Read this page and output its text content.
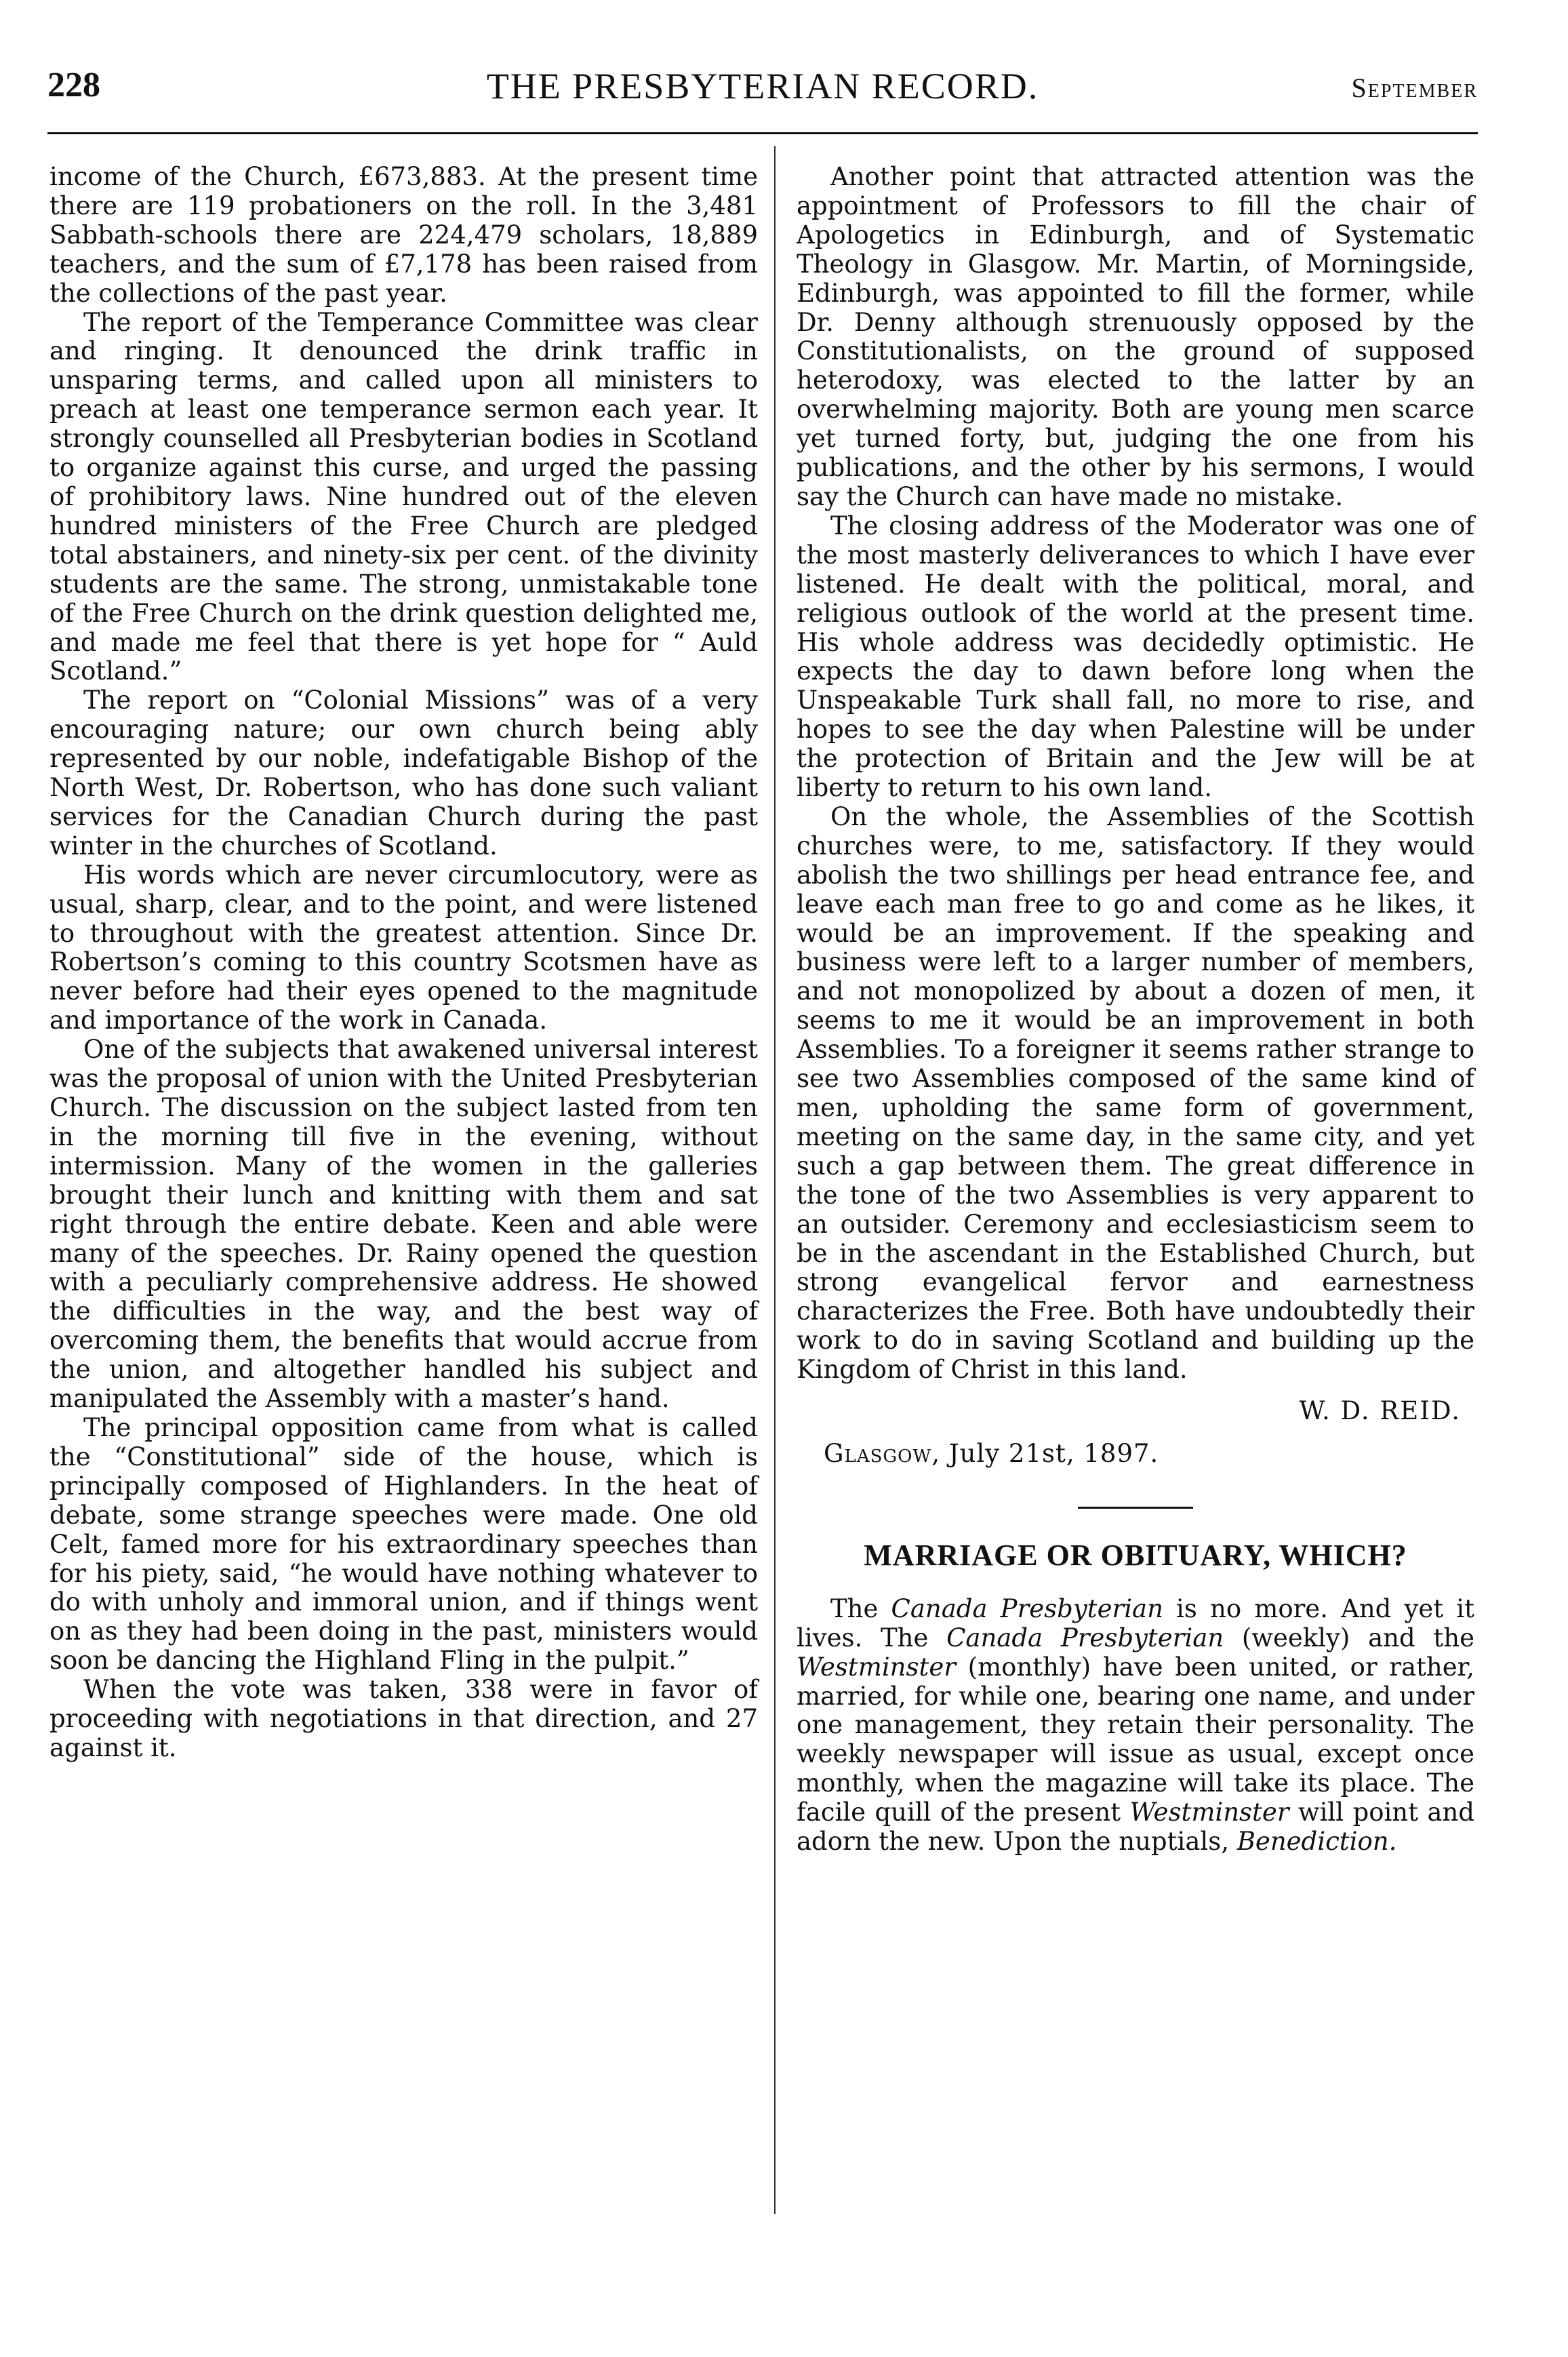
228	THE PRESBYTERIAN RECORD.	September

income of the Church, £673,883. At the present time there are 119 probationers on the roll. In the 3,481 Sabbath-schools there are 224,479 scholars, 18,889 teachers, and the sum of £7,178 has been raised from the collections of the past year.

The report of the Temperance Committee was clear and ringing. It denounced the drink traffic in unsparing terms, and called upon all ministers to preach at least one temperance sermon each year. It strongly counselled all Presbyterian bodies in Scotland to organize against this curse, and urged the passing of prohibitory laws. Nine hundred out of the eleven hundred ministers of the Free Church are pledged total abstainers, and ninety-six per cent. of the divinity students are the same. The strong, unmistakable tone of the Free Church on the drink question delighted me, and made me feel that there is yet hope for “ Auld Scotland.”

The report on “Colonial Missions” was of a very encouraging nature; our own church being ably represented by our noble, indefatigable Bishop of the North West, Dr. Robertson, who has done such valiant services for the Canadian Church during the past winter in the churches of Scotland.

His words which are never circumlocutory, were as usual, sharp, clear, and to the point, and were listened to throughout with the greatest attention. Since Dr. Robertson’s coming to this country Scotsmen have as never before had their eyes opened to the magnitude and importance of the work in Canada.

One of the subjects that awakened universal interest was the proposal of union with the United Presbyterian Church. The discussion on the subject lasted from ten in the morning till five in the evening, without intermission. Many of the women in the galleries brought their lunch and knitting with them and sat right through the entire debate. Keen and able were many of the speeches. Dr. Rainy opened the question with a peculiarly comprehensive address. He showed the difficulties in the way, and the best way of overcoming them, the benefits that would accrue from the union, and altogether handled his subject and manipulated the Assembly with a master’s hand.

The principal opposition came from what is called the “Constitutional” side of the house, which is principally composed of Highlanders. In the heat of debate, some strange speeches were made. One old Celt, famed more for his extraordinary speeches than for his piety, said, “he would have nothing whatever to do with unholy and immoral union, and if things went on as they had been doing in the past, ministers would soon be dancing the Highland Fling in the pulpit.”

When the vote was taken, 338 were in favor of proceeding with negotiations in that direction, and 27 against it.

Another point that attracted attention was the appointment of Professors to fill the chair of Apologetics in Edinburgh, and of Systematic Theology in Glasgow. Mr. Martin, of Morningside, Edinburgh, was appointed to fill the former, while Dr. Denny although strenuously opposed by the Constitutionalists, on the ground of supposed heterodoxy, was elected to the latter by an overwhelming majority. Both are young men scarce yet turned forty, but, judging the one from his publications, and the other by his sermons, I would say the Church can have made no mistake.

The closing address of the Moderator was one of the most masterly deliverances to which I have ever listened. He dealt with the political, moral, and religious outlook of the world at the present time. His whole address was decidedly optimistic. He expects the day to dawn before long when the Unspeakable Turk shall fall, no more to rise, and hopes to see the day when Palestine will be under the protection of Britain and the Jew will be at liberty to return to his own land.

On the whole, the Assemblies of the Scottish churches were, to me, satisfactory. If they would abolish the two shillings per head entrance fee, and leave each man free to go and come as he likes, it would be an improvement. If the speaking and business were left to a larger number of members, and not monopolized by about a dozen of men, it seems to me it would be an improvement in both Assemblies. To a foreigner it seems rather strange to see two Assemblies composed of the same kind of men, upholding the same form of government, meeting on the same day, in the same city, and yet such a gap between them. The great difference in the tone of the two Assemblies is very apparent to an outsider. Ceremony and ecclesiasticism seem to be in the ascendant in the Established Church, but strong evangelical fervor and earnestness characterizes the Free. Both have undoubtedly their work to do in saving Scotland and building up the Kingdom of Christ in this land.

W. D. REID.

Glasgow, July 21st, 1897.

MARRIAGE OR OBITUARY, WHICH?

The Canada Presbyterian is no more. And yet it lives. The Canada Presbyterian (weekly) and the Westminster (monthly) have been united, or rather, married, for while one, bearing one name, and under one management, they retain their personality. The weekly newspaper will issue as usual, except once monthly, when the magazine will take its place. The facile quill of the present Westminster will point and adorn the new. Upon the nuptials, Benediction.
